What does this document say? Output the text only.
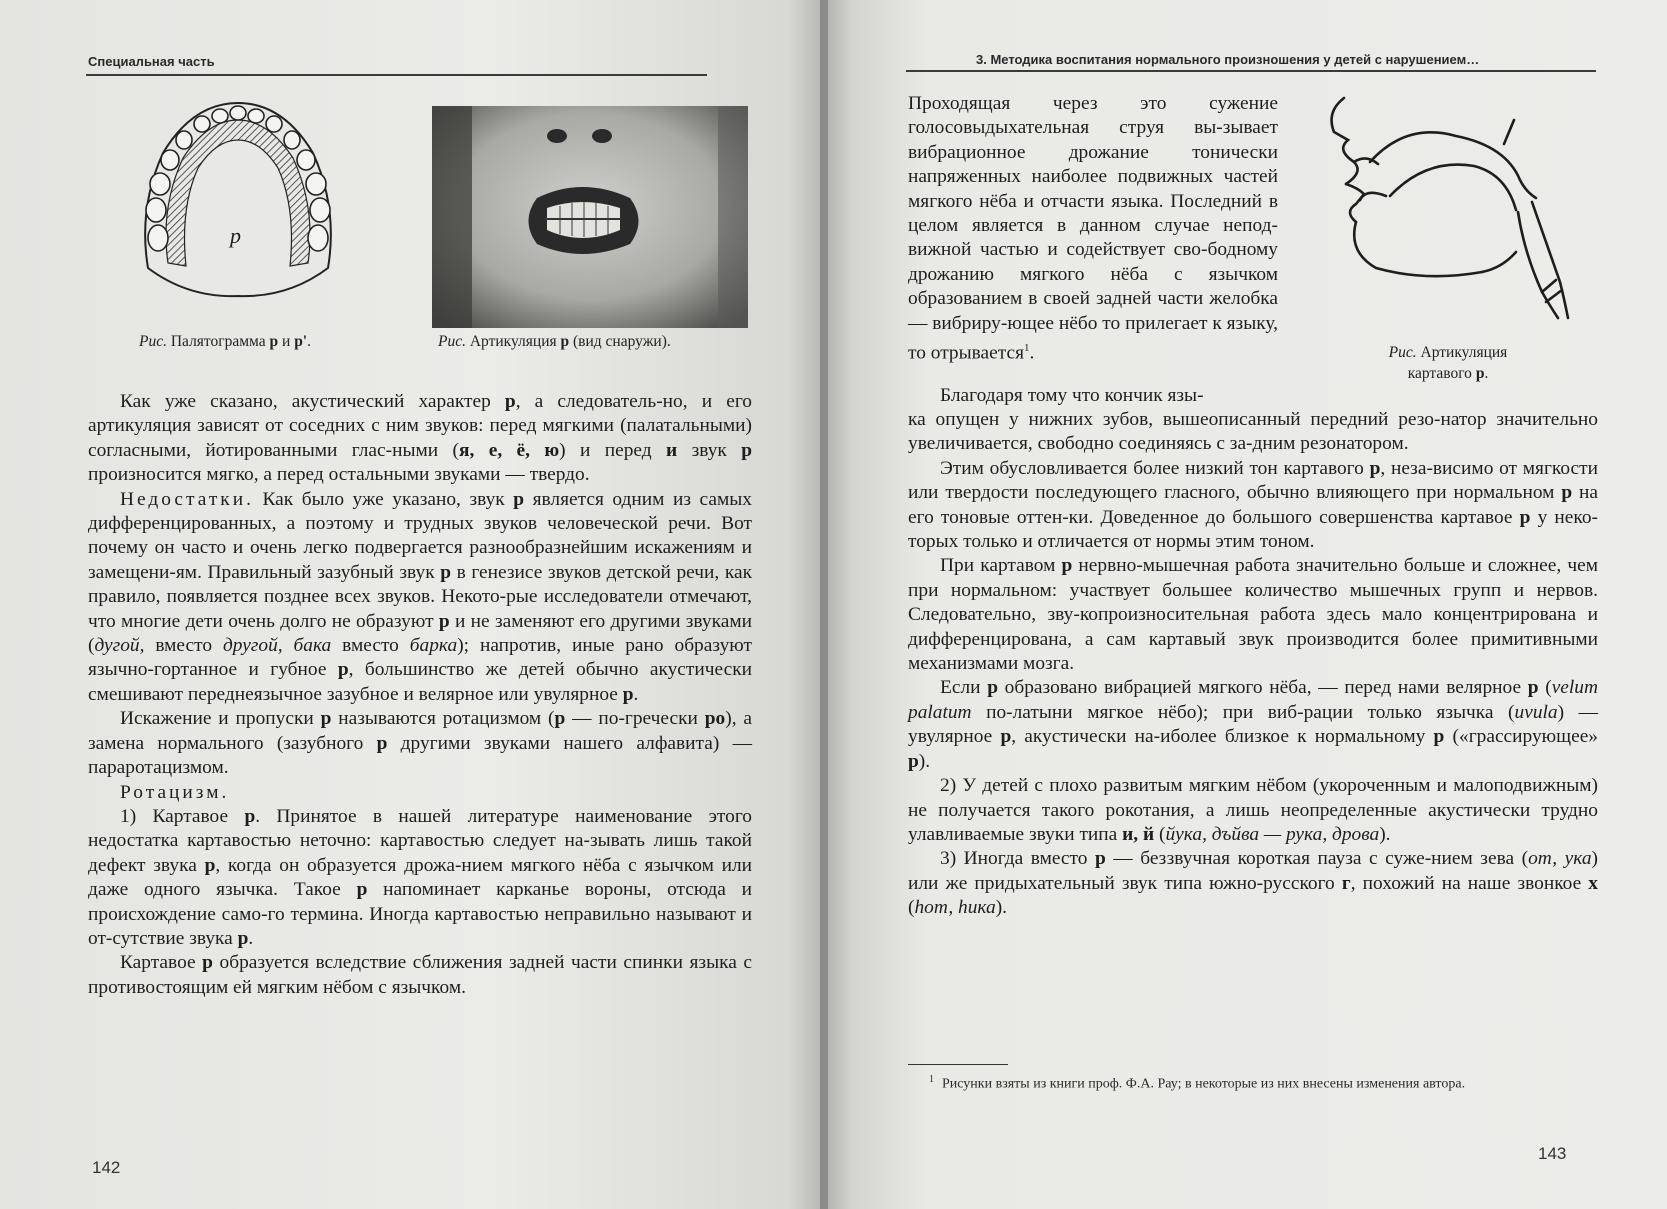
Специальная часть
p
Рис. Палятограмма р и р'.	Рис. Артикуляция р (вид снаружи).

Как уже сказано, акустический характер р, а следователь-но, и его артикуляция зависят от соседних с ним звуков: перед мягкими (палатальными) согласными, йотированными глас-ными (я, е, ё, ю) и перед и звук р произносится мягко, а перед остальными звуками — твердо.

Недостатки. Как было уже указано, звук р является одним из самых дифференцированных, а поэтому и трудных звуков человеческой речи. Вот почему он часто и очень легко подвергается разнообразнейшим искажениям и замещени-ям. Правильный зазубный звук р в генезисе звуков детской речи, как правило, появляется позднее всех звуков. Некото-рые исследователи отмечают, что многие дети очень долго не образуют р и не заменяют его другими звуками (дугой, вместо другой, бака вместо барка); напротив, иные рано образуют язычно-гортанное и губное р, большинство же детей обычно акустически смешивают переднеязычное зазубное и велярное или увулярное р.

Искажение и пропуски р называются ротацизмом (р — по-гречески ро), а замена нормального (зазубного р другими звуками нашего алфавита) — параротацизмом.

Ротацизм.

1) Картавое р. Принятое в нашей литературе наименование этого недостатка картавостью неточно: картавостью следует на-зывать лишь такой дефект звука р, когда он образуется дрожа-нием мягкого нёба с язычком или даже одного язычка. Такое р напоминает карканье вороны, отсюда и происхождение само-го термина. Иногда картавостью неправильно называют и от-сутствие звука р.

Картавое р образуется вследствие сближения задней части спинки языка с противостоящим ей мягким нёбом с язычком.

142
3. Методика воспитания нормального произношения у детей с нарушением…

Проходящая через это сужение голосовыдыхательная струя вы-зывает вибрационное дрожание тонически напряженных наиболее подвижных частей мягкого нёба и отчасти языка. Последний в целом является в данном случае непод-вижной частью и содействует сво-бодному дрожанию мягкого нёба с язычком образованием в своей задней части желобка — вибриру-ющее нёбо то прилегает к языку, то отрывается$^1$.	Рис. Артикуляция
картавого р.

Благодаря тому что кончик язы-

ка опущен у нижних зубов, вышеописанный передний резо-натор значительно увеличивается, свободно соединяясь с за-дним резонатором.

Этим обусловливается более низкий тон картавого р, неза-висимо от мягкости или твердости последующего гласного, обычно влияющего при нормальном р на его тоновые оттен-ки. Доведенное до большого совершенства картавое р у неко-торых только и отличается от нормы этим тоном.

При картавом р нервно-мышечная работа значительно больше и сложнее, чем при нормальном: участвует большее количество мышечных групп и нервов. Следовательно, зву-копроизносительная работа здесь мало концентрирована и дифференцирована, а сам картавый звук производится более примитивными механизмами мозга.

Если р образовано вибрацией мягкого нёба, — перед нами велярное р (velum palatum по-латыни мягкое нёбо); при виб-рации только язычка (uvula) — увулярное р, акустически на-иболее близкое к нормальному р («грассирующее» р).

2) У детей с плохо развитым мягким нёбом (укороченным и малоподвижным) не получается такого рокотания, а лишь неопределенные акустически трудно улавливаемые звуки типа и, й (йука, дъйва — рука, дрова).

3) Иногда вместо р — беззвучная короткая пауза с суже-нием зева (от, ука) или же придыхательный звук типа южно-русского г, похожий на наше звонкое х (hот, hика).

$^1$ Рисунки взяты из книги проф. Ф.А. Рау; в некоторые из них внесены изменения автора.
143
